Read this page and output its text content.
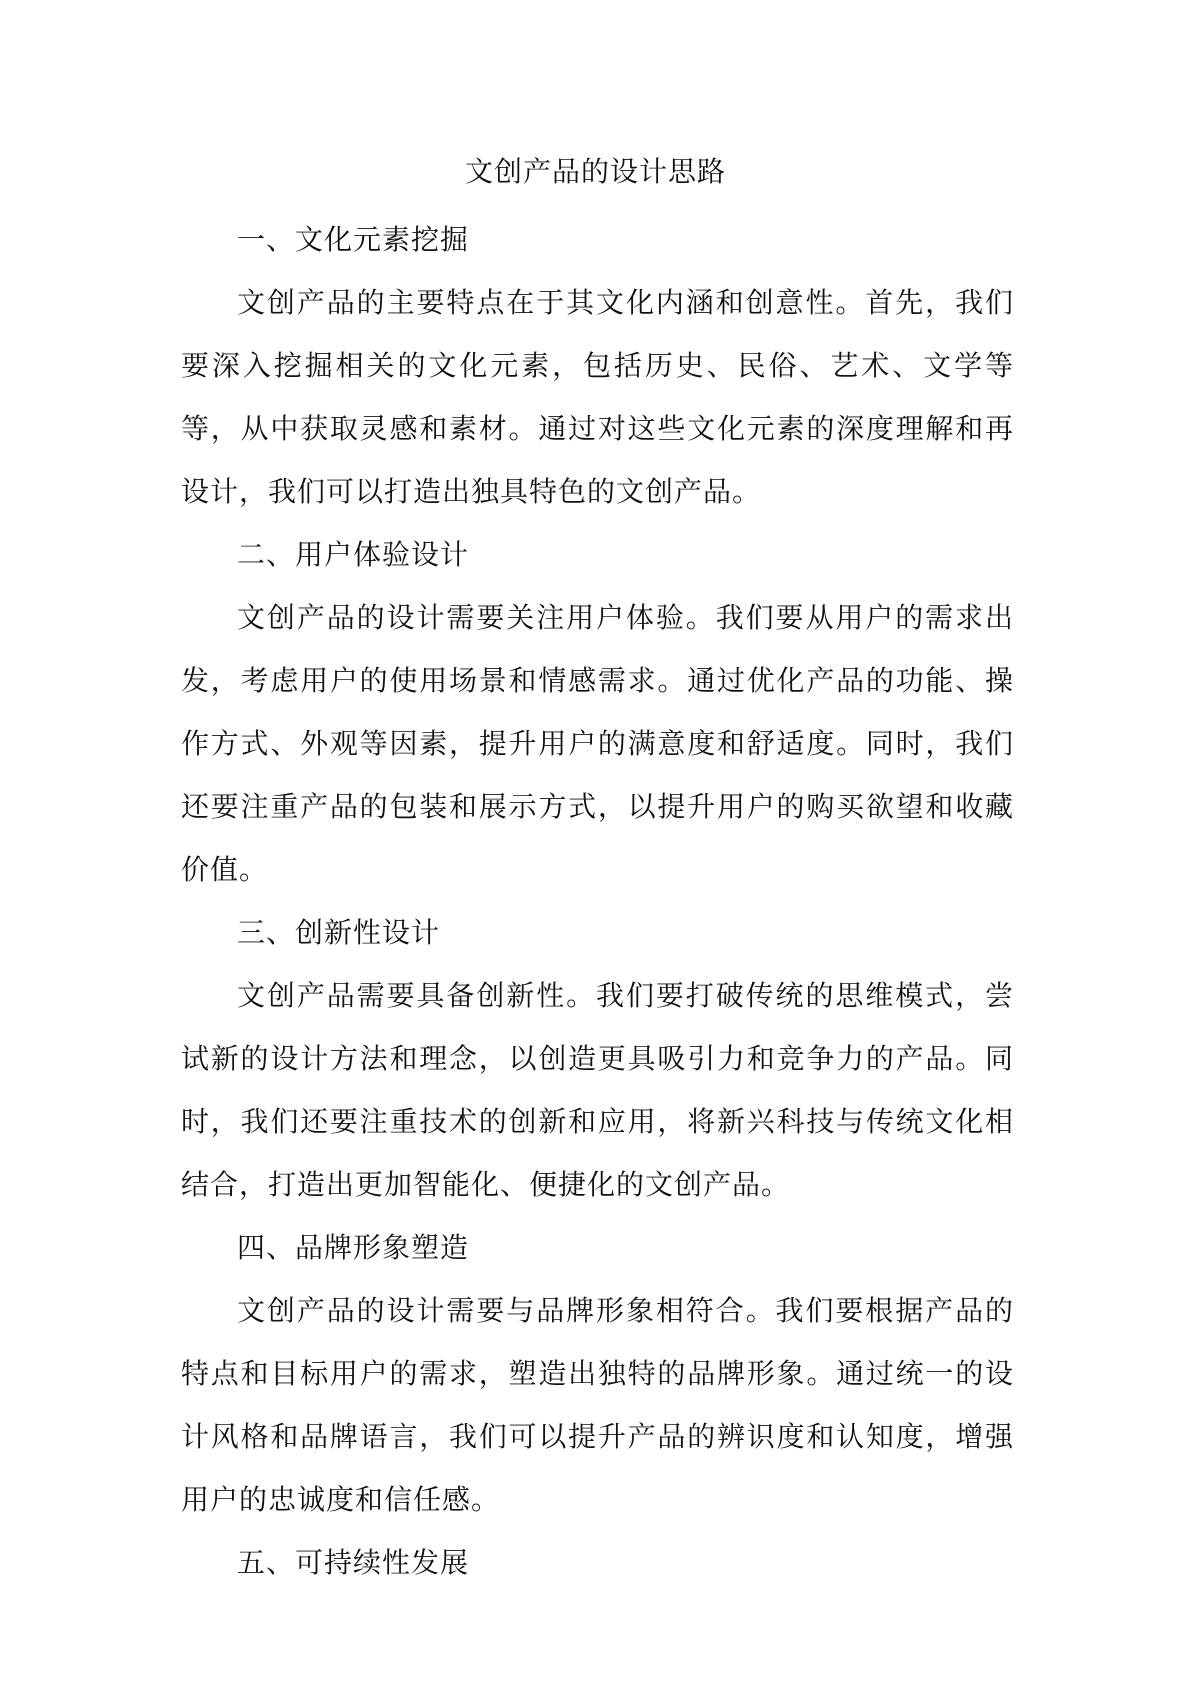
文创产品的设计思路

一、文化元素挖掘

文创产品的主要特点在于其文化内涵和创意性。首先，我们要深入挖掘相关的文化元素，包括历史、民俗、艺术、文学等等，从中获取灵感和素材。通过对这些文化元素的深度理解和再设计，我们可以打造出独具特色的文创产品。

二、用户体验设计

文创产品的设计需要关注用户体验。我们要从用户的需求出发，考虑用户的使用场景和情感需求。通过优化产品的功能、操作方式、外观等因素，提升用户的满意度和舒适度。同时，我们还要注重产品的包装和展示方式，以提升用户的购买欲望和收藏价值。

三、创新性设计

文创产品需要具备创新性。我们要打破传统的思维模式，尝试新的设计方法和理念，以创造更具吸引力和竞争力的产品。同时，我们还要注重技术的创新和应用，将新兴科技与传统文化相结合，打造出更加智能化、便捷化的文创产品。

四、品牌形象塑造

文创产品的设计需要与品牌形象相符合。我们要根据产品的特点和目标用户的需求，塑造出独特的品牌形象。通过统一的设计风格和品牌语言，我们可以提升产品的辨识度和认知度，增强用户的忠诚度和信任感。

五、可持续性发展
